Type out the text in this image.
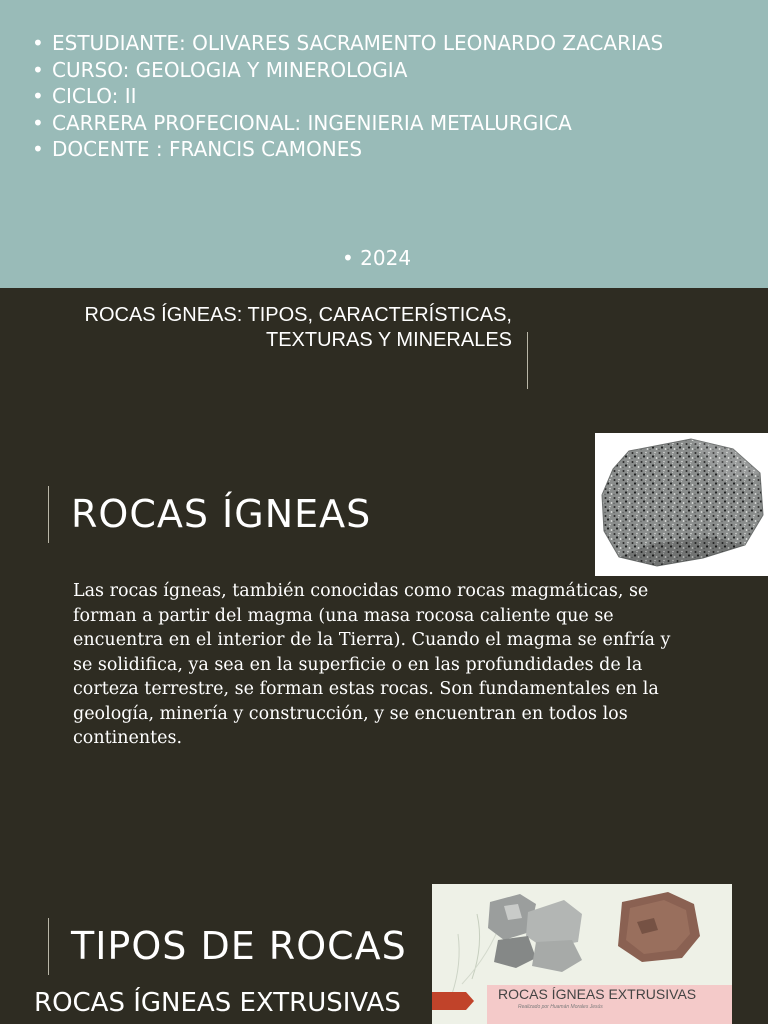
• ESTUDIANTE: OLIVARES SACRAMENTO LEONARDO ZACARIAS
• CURSO: GEOLOGIA Y MINEROLOGIA
• CICLO: II
• CARRERA PROFECIONAL: INGENIERIA METALURGICA
• DOCENTE : FRANCIS CAMONES
• 2024
ROCAS ÍGNEAS: TIPOS, CARACTERÍSTICAS, TEXTURAS Y MINERALES
ROCAS ÍGNEAS
Las rocas ígneas, también conocidas como rocas magmáticas, se forman a partir del magma (una masa rocosa caliente que se encuentra en el interior de la Tierra). Cuando el magma se enfría y se solidifica, ya sea en la superficie o en las profundidades de la corteza terrestre, se forman estas rocas. Son fundamentales en la geología, minería y construcción, y se encuentran en todos los continentes.
TIPOS DE ROCAS
ROCAS ÍGNEAS EXTRUSIVAS	ROCAS ÍGNEAS EXTRUSIVAS
Realizado por Huamán Morales Jesús
